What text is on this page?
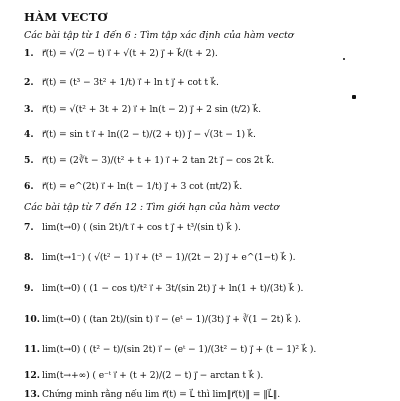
HÀM VECTƠ
Các bài tập từ 1 đến 6 : Tìm tập xác định của hàm vectơ
1. r⃗(t) = √(2 − t) i⃗ + √(t + 2) j⃗ + k⃗/(t + 2).
2. r⃗(t) = (t³ − 3t² + 1/t) i⃗ + ln t j⃗ + cot t k⃗.
3. r⃗(t) = √(t² + 3t + 2) i⃗ + ln(t − 2) j⃗ + 2 sin (t/2) k⃗.
4. r⃗(t) = sin t i⃗ + ln((2 − t)/(2 + t)) j⃗ − √(3t − 1) k⃗.
5. r⃗(t) = (2∛t − 3)/(t² + t + 1) i⃗ + 2 tan 2t j⃗ − cos 2t k⃗.
6. r⃗(t) = e^(2t) i⃗ + ln(t − 1/t) j⃗ + 3 cot (πt/2) k⃗.
Các bài tập từ 7 đến 12 : Tìm giới hạn của hàm vectơ
7. lim(t→0) ( (sin 2t)/t i⃗ + cos t j⃗ + t³/(sin t) k⃗ ).
8. lim(t→1⁻) ( √(t² − 1) i⃗ + (t³ − 1)/(2t − 2) j⃗ + e^(1−t) k⃗ ).
9. lim(t→0) ( (1 − cos t)/t² i⃗ + 3t/(sin 2t) j⃗ + ln(1 + t)/(3t) k⃗ ).
10. lim(t→0) ( (tan 2t)/(sin t) i⃗ − (eᵗ − 1)/(3t) j⃗ + ∛(1 − 2t) k⃗ ).
11. lim(t→0) ( (t² − t)/(sin 2t) i⃗ − (eᵗ − 1)/(3t² − t) j⃗ + (t − 1)² k⃗ ).
12. lim(t→+∞) ( e⁻ᵗ i⃗ + (t + 2)/(2 − t) j⃗ − arctan t k⃗ ).
13. Chứng minh rằng nếu lim r⃗(t) = L⃗ thì lim‖r⃗(t)‖ = ‖L⃗‖.
